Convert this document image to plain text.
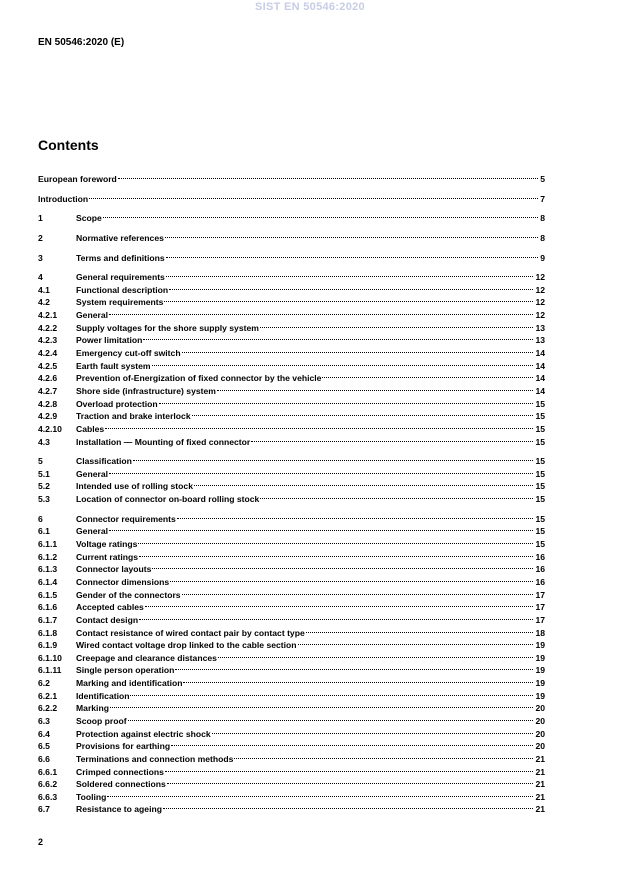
SIST EN 50546:2020
EN 50546:2020 (E)
Contents
European foreword	5
Introduction	7
1	Scope	8
2	Normative references	8
3	Terms and definitions	9
4	General requirements	12
4.1	Functional description	12
4.2	System requirements	12
4.2.1	General	12
4.2.2	Supply voltages for the shore supply system	13
4.2.3	Power limitation	13
4.2.4	Emergency cut-off switch	14
4.2.5	Earth fault system	14
4.2.6	Prevention of-Energization of fixed connector by the vehicle	14
4.2.7	Shore side (infrastructure) system	14
4.2.8	Overload protection	15
4.2.9	Traction and brake interlock	15
4.2.10	Cables	15
4.3	Installation — Mounting of fixed connector	15
5	Classification	15
5.1	General	15
5.2	Intended use of rolling stock	15
5.3	Location of connector on-board rolling stock	15
6	Connector requirements	15
6.1	General	15
6.1.1	Voltage ratings	15
6.1.2	Current ratings	16
6.1.3	Connector layouts	16
6.1.4	Connector dimensions	16
6.1.5	Gender of the connectors	17
6.1.6	Accepted cables	17
6.1.7	Contact design	17
6.1.8	Contact resistance of wired contact pair by contact type	18
6.1.9	Wired contact voltage drop linked to the cable section	19
6.1.10	Creepage and clearance distances	19
6.1.11	Single person operation	19
6.2	Marking and identification	19
6.2.1	Identification	19
6.2.2	Marking	20
6.3	Scoop proof	20
6.4	Protection against electric shock	20
6.5	Provisions for earthing	20
6.6	Terminations and connection methods	21
6.6.1	Crimped connections	21
6.6.2	Soldered connections	21
6.6.3	Tooling	21
6.7	Resistance to ageing	21
2
